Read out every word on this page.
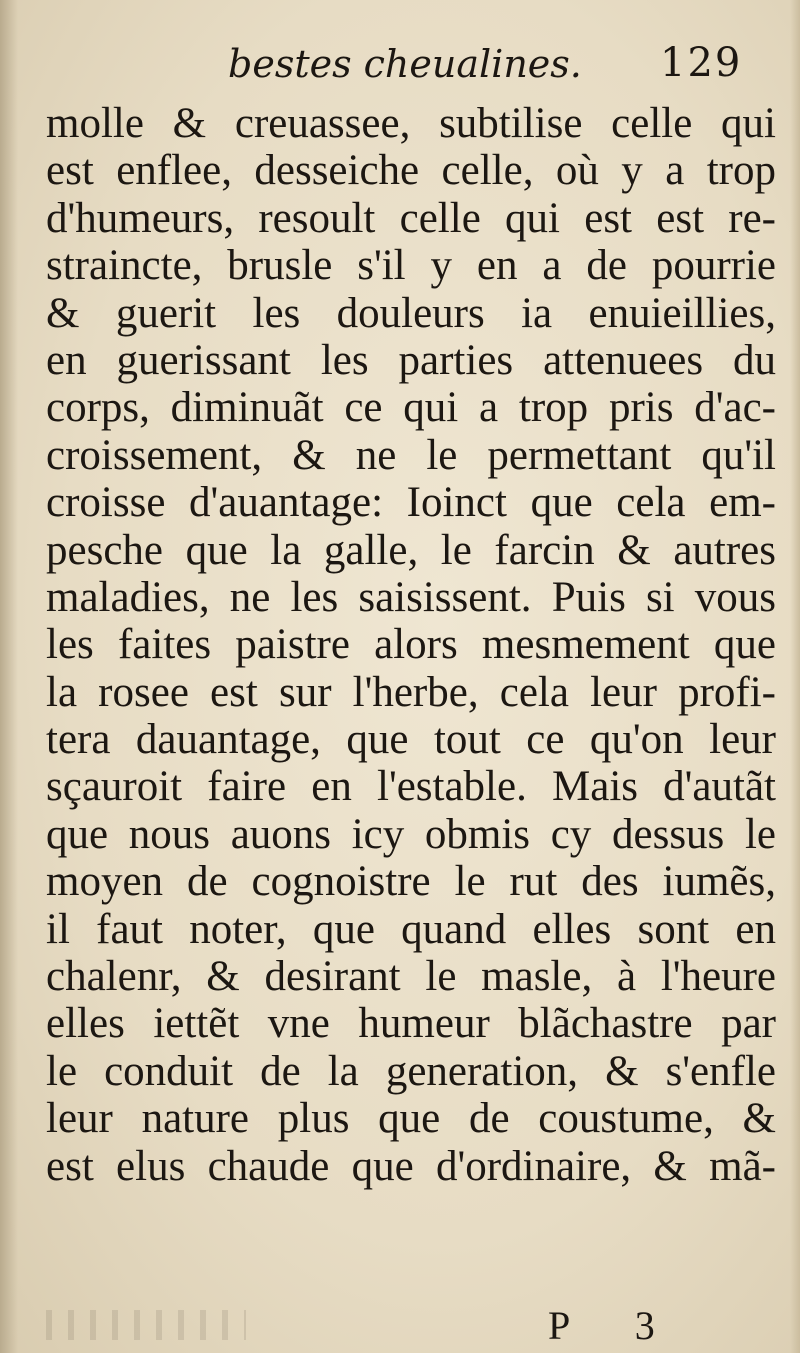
bestes cheualines. 129
molle & creuassee, subtilise celle qui
est enflee, desseiche celle, où y a trop
d'humeurs, resoult celle qui est est re-
straincte, brusle s'il y en a de pourrie
& guerit les douleurs ia enuieillies,
en guerissant les parties attenuees du
corps, diminuãt ce qui a trop pris d'ac-
croissement, & ne le permettant qu'il
croisse d'auantage: Ioinct que cela em-
pesche que la galle, le farcin & autres
maladies, ne les saisissent. Puis si vous
les faites paistre alors mesmement que
la rosee est sur l'herbe, cela leur profi-
tera dauantage, que tout ce qu'on leur
sçauroit faire en l'estable. Mais d'autãt
que nous auons icy obmis cy dessus le
moyen de cognoistre le rut des iumẽs,
il faut noter, que quand elles sont en
chalenr, & desirant le masle, à l'heure
elles iettẽt vne humeur blãchastre par
le conduit de la generation, & s'enfle
leur nature plus que de coustume, &
est elus chaude que d'ordinaire, & mã-
P 3
